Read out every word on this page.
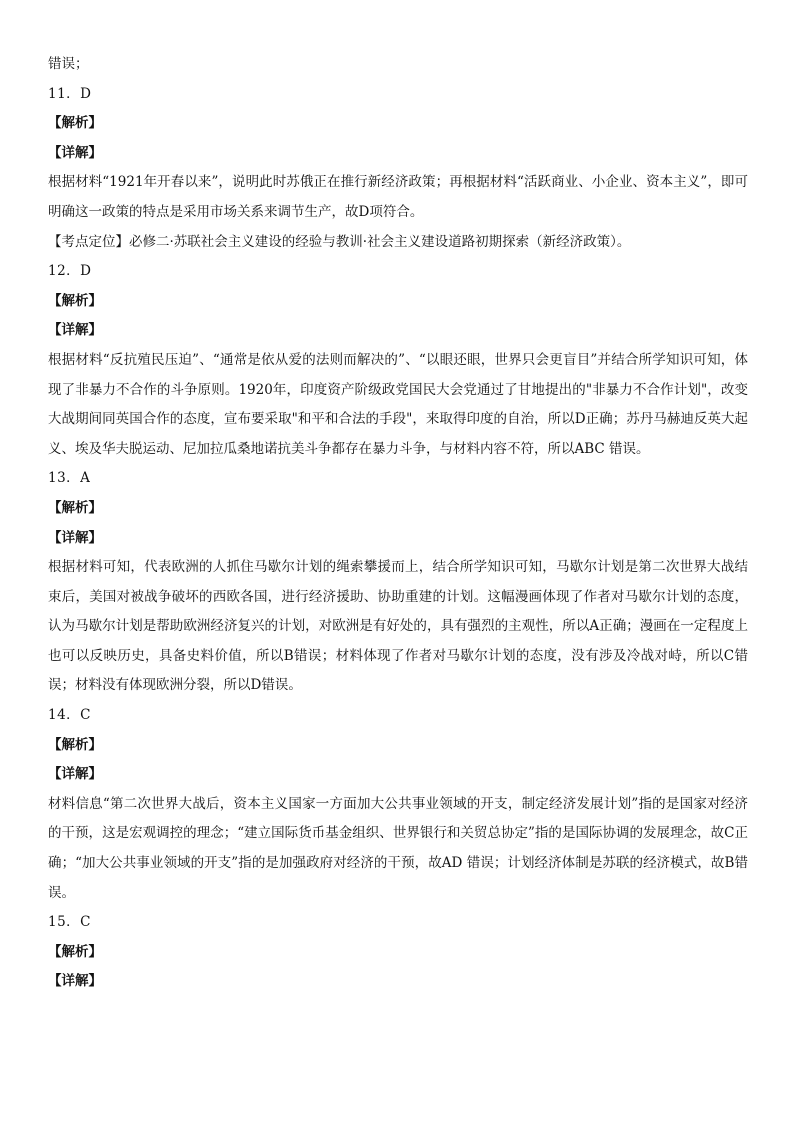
错误；
11．D
【解析】
【详解】
根据材料“1921年开春以来”，说明此时苏俄正在推行新经济政策；再根据材料“活跃商业、小企业、资本主义”，即可明确这一政策的特点是采用市场关系来调节生产，故D项符合。
【考点定位】必修二·苏联社会主义建设的经验与教训·社会主义建设道路初期探索（新经济政策）。
12．D
【解析】
【详解】
根据材料“反抗殖民压迫”、“通常是依从爱的法则而解决的”、“以眼还眼，世界只会更盲目”并结合所学知识可知，体现了非暴力不合作的斗争原则。1920年，印度资产阶级政党国民大会党通过了甘地提出的"非暴力不合作计划"，改变大战期间同英国合作的态度，宣布要采取"和平和合法的手段"，来取得印度的自治，所以D正确；苏丹马赫迪反英大起义、埃及华夫脱运动、尼加拉瓜桑地诺抗美斗争都存在暴力斗争，与材料内容不符，所以ABC 错误。
13．A
【解析】
【详解】
根据材料可知，代表欧洲的人抓住马歇尔计划的绳索攀援而上，结合所学知识可知，马歇尔计划是第二次世界大战结束后，美国对被战争破坏的西欧各国，进行经济援助、协助重建的计划。这幅漫画体现了作者对马歇尔计划的态度，认为马歇尔计划是帮助欧洲经济复兴的计划，对欧洲是有好处的，具有强烈的主观性，所以A正确；漫画在一定程度上也可以反映历史，具备史料价值，所以B错误；材料体现了作者对马歇尔计划的态度，没有涉及冷战对峙，所以C错误；材料没有体现欧洲分裂，所以D错误。
14．C
【解析】
【详解】
材料信息“第二次世界大战后，资本主义国家一方面加大公共事业领域的开支，制定经济发展计划”指的是国家对经济的干预，这是宏观调控的理念；“建立国际货币基金组织、世界银行和关贸总协定”指的是国际协调的发展理念，故C正确；“加大公共事业领域的开支”指的是加强政府对经济的干预，故AD 错误；计划经济体制是苏联的经济模式，故B错误。
15．C
【解析】
【详解】
